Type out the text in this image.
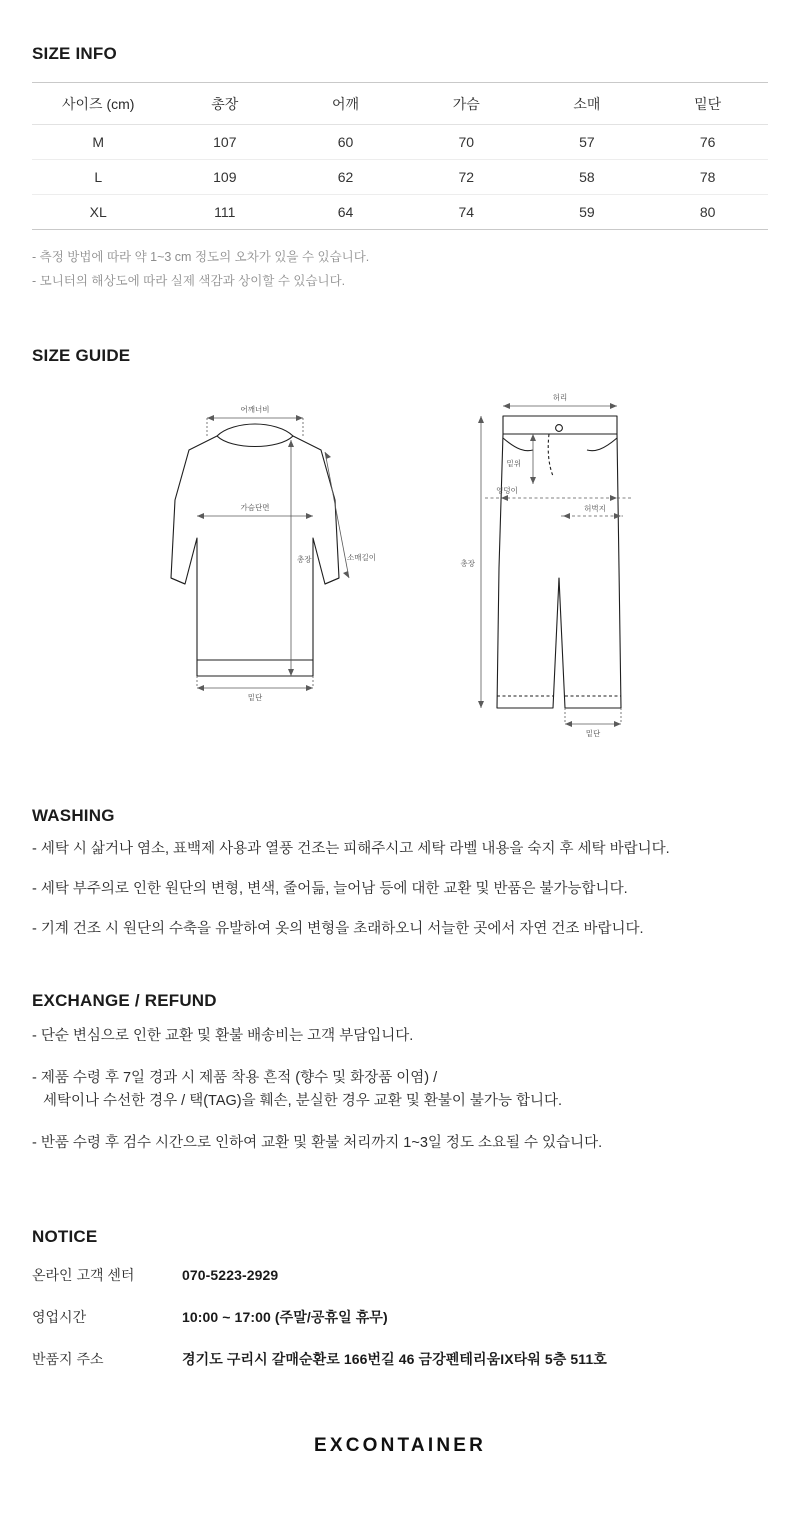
SIZE INFO
사이즈 (cm)	총장	어깨	가슴	소매	밑단
M	107	60	70	57	76
L	109	62	72	58	78
XL	111	64	74	59	80
- 측정 방법에 따라 약 1~3 cm 정도의 오차가 있을 수 있습니다.
- 모니터의 해상도에 따라 실제 색감과 상이할 수 있습니다.
SIZE GUIDE
어깨너비
가슴단면
총장	소매길이
밑단
허리
밑위
엉덩이
허벅지
총장
밑단
WASHING

- 세탁 시 삶거나 염소, 표백제 사용과 열풍 건조는 피해주시고 세탁 라벨 내용을 숙지 후 세탁 바랍니다.

- 세탁 부주의로 인한 원단의 변형, 변색, 줄어듦, 늘어남 등에 대한 교환 및 반품은 불가능합니다.

- 기계 건조 시 원단의 수축을 유발하여 옷의 변형을 초래하오니 서늘한 곳에서 자연 건조 바랍니다.

EXCHANGE / REFUND

- 단순 변심으로 인한 교환 및 환불 배송비는 고객 부담입니다.

- 제품 수령 후 7일 경과 시 제품 착용 흔적 (향수 및 화장품 이염) /
세탁이나 수선한 경우 / 택(TAG)을 훼손, 분실한 경우 교환 및 환불이 불가능 합니다.

- 반품 수령 후 검수 시간으로 인하여 교환 및 환불 처리까지 1~3일 정도 소요될 수 있습니다.

NOTICE
온라인 고객 센터	070-5223-2929
영업시간	10:00 ~ 17:00 (주말/공휴일 휴무)
반품지 주소	경기도 구리시 갈매순환로 166번길 46 금강펜테리움IX타워 5층 511호
EXCONTAINER
